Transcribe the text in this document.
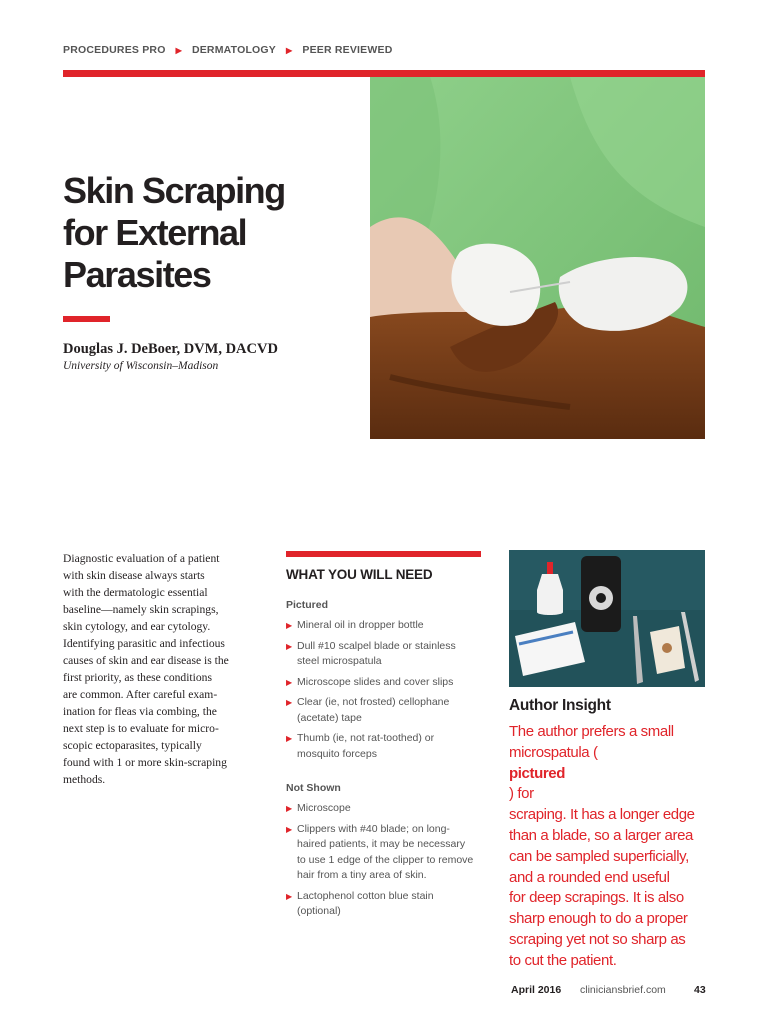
PROCEDURES PRO ▶ DERMATOLOGY ▶ PEER REVIEWED
Skin Scraping
for External
Parasites
Douglas J. DeBoer, DVM, DACVD
University of Wisconsin–Madison
Diagnostic evaluation of a patient
with skin disease always starts
with the dermatologic essential
baseline—namely skin scrapings,
skin cytology, and ear cytology.
Identifying parasitic and infectious
causes of skin and ear disease is the
first priority, as these conditions
are common. After careful exam-
ination for fleas via combing, the
next step is to evaluate for micro-
scopic ectoparasites, typically
found with 1 or more skin-scraping
methods.
WHAT YOU WILL NEED
Pictured
▶ Mineral oil in dropper bottle
▶ Dull #10 scalpel blade or stainless
steel microspatula
▶ Microscope slides and cover slips
▶ Clear (ie, not frosted) cellophane
(acetate) tape
▶ Thumb (ie, not rat-toothed) or
mosquito forceps
Not Shown
▶ Microscope
▶ Clippers with #40 blade; on long-
haired patients, it may be necessary
to use 1 edge of the clipper to remove
hair from a tiny area of skin.
▶ Lactophenol cotton blue stain
(optional)
Author Insight
The author prefers a small
microspatula (
pictured
) for
scraping. It has a longer edge
than a blade, so a larger area
can be sampled superficially,
and a rounded end useful
for deep scrapings. It is also
sharp enough to do a proper
scraping yet not so sharp as
to cut the patient.
April 2016 cliniciansbrief.com	43
